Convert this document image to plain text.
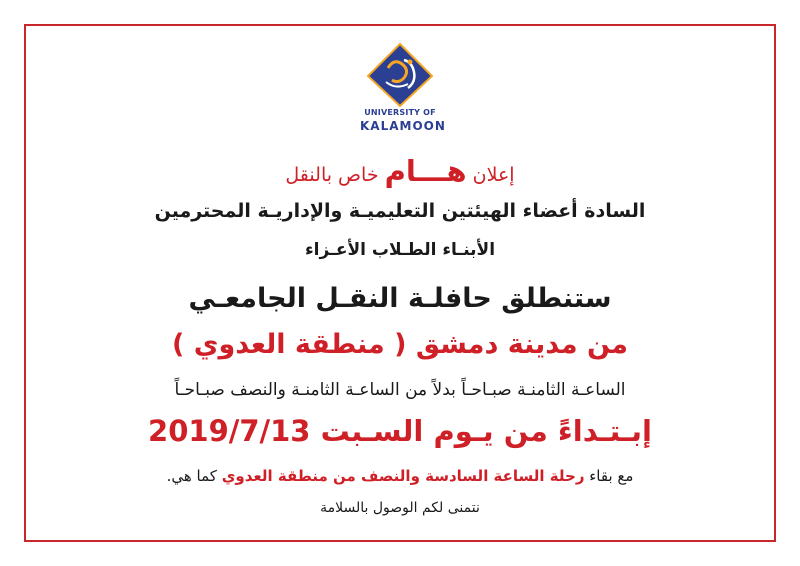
UNIVERSITY OF
KALAMOON
إعلان هـــام خاص بالنقل
السادة أعضاء الهيئتين التعليميـة والإداريـة المحترمين
الأبنـاء الطـلاب الأعـزاء
ستنطلق حافلـة النقـل الجامعـي
من مدينة دمشق ( منطقة العدوي )
الساعـة الثامنـة صبـاحـاً بدلاً من الساعـة الثامنـة والنصف صبـاحـاً
إبـتـداءً من يـوم السـبت 2019/7/13
مع بقاء رحلة الساعة السادسة والنصف من منطقة العدوي كما هي.
نتمنى لكم الوصول بالسلامة
